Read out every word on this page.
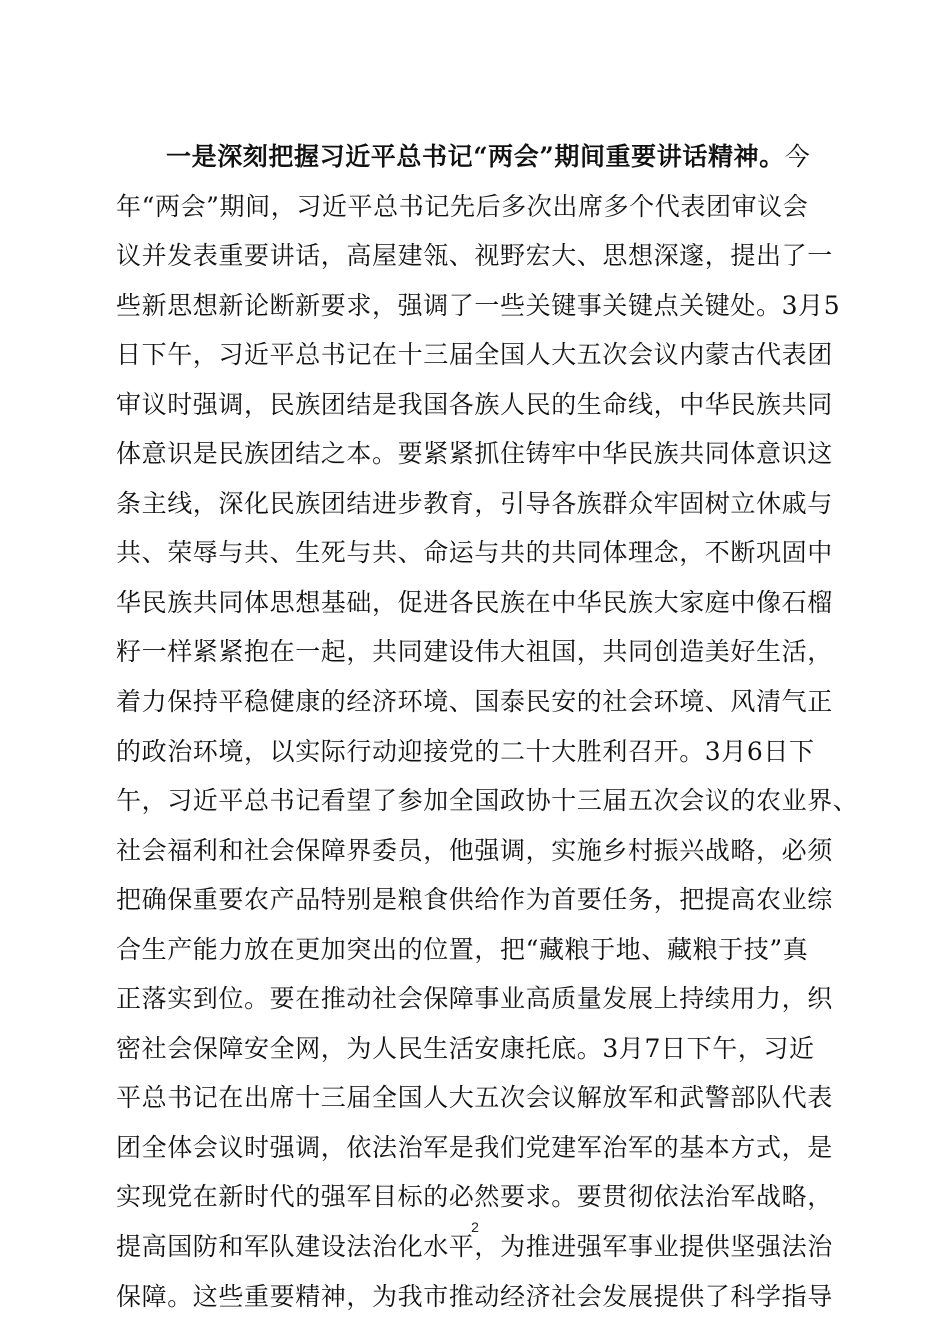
一是深刻把握习近平总书记“两会”期间重要讲话精神。今
年“两会”期间，习近平总书记先后多次出席多个代表团审议会
议并发表重要讲话，高屋建瓴、视野宏大、思想深邃，提出了一
些新思想新论断新要求，强调了一些关键事关键点关键处。3月5
日下午，习近平总书记在十三届全国人大五次会议内蒙古代表团
审议时强调，民族团结是我国各族人民的生命线，中华民族共同
体意识是民族团结之本。要紧紧抓住铸牢中华民族共同体意识这
条主线，深化民族团结进步教育，引导各族群众牢固树立休戚与
共、荣辱与共、生死与共、命运与共的共同体理念，不断巩固中
华民族共同体思想基础，促进各民族在中华民族大家庭中像石榴
籽一样紧紧抱在一起，共同建设伟大祖国，共同创造美好生活，
着力保持平稳健康的经济环境、国泰民安的社会环境、风清气正
的政治环境，以实际行动迎接党的二十大胜利召开。3月6日下
午，习近平总书记看望了参加全国政协十三届五次会议的农业界、
社会福利和社会保障界委员，他强调，实施乡村振兴战略，必须
把确保重要农产品特别是粮食供给作为首要任务，把提高农业综
合生产能力放在更加突出的位置，把“藏粮于地、藏粮于技”真
正落实到位。要在推动社会保障事业高质量发展上持续用力，织
密社会保障安全网，为人民生活安康托底。3月7日下午，习近
平总书记在出席十三届全国人大五次会议解放军和武警部队代表
团全体会议时强调，依法治军是我们党建军治军的基本方式，是
实现党在新时代的强军目标的必然要求。要贯彻依法治军战略，
提高国防和军队建设法治化水平，为推进强军事业提供坚强法治
保障。这些重要精神，为我市推动经济社会发展提供了科学指导
2
